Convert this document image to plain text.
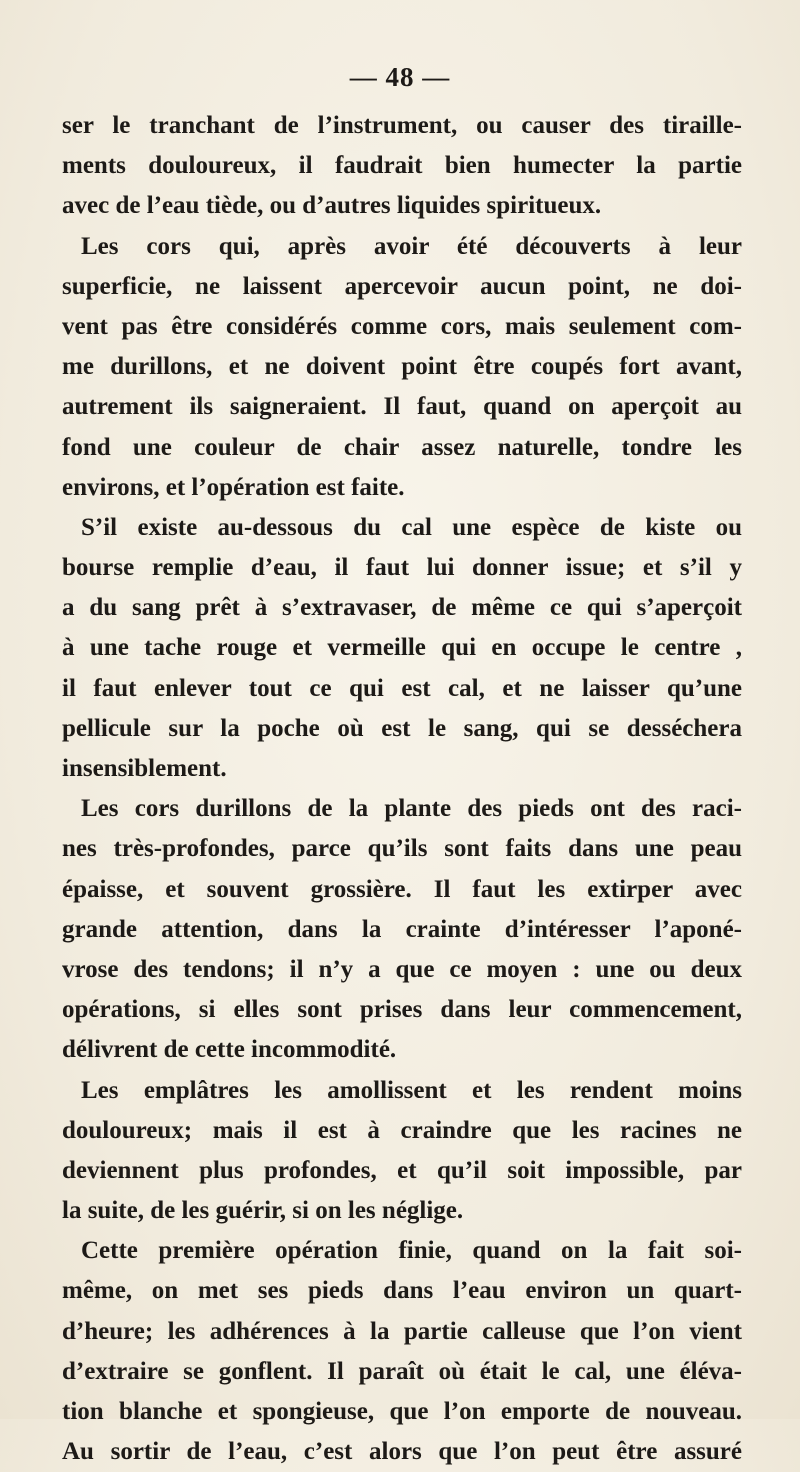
— 48 —
ser le tranchant de l’instrument, ou causer des tiraille-
ments douloureux, il faudrait bien humecter la partie
avec de l’eau tiède, ou d’autres liquides spiritueux.
Les cors qui, après avoir été découverts à leur
superficie, ne laissent apercevoir aucun point, ne doi-
vent pas être considérés comme cors, mais seulement com-
me durillons, et ne doivent point être coupés fort avant,
autrement ils saigneraient. Il faut, quand on aperçoit au
fond une couleur de chair assez naturelle, tondre les
environs, et l’opération est faite.
S’il existe au-dessous du cal une espèce de kiste ou
bourse remplie d’eau, il faut lui donner issue; et s’il y
a du sang prêt à s’extravaser, de même ce qui s’aperçoit
à une tache rouge et vermeille qui en occupe le centre ,
il faut enlever tout ce qui est cal, et ne laisser qu’une
pellicule sur la poche où est le sang, qui se desséchera
insensiblement.
Les cors durillons de la plante des pieds ont des raci-
nes très-profondes, parce qu’ils sont faits dans une peau
épaisse, et souvent grossière. Il faut les extirper avec
grande attention, dans la crainte d’intéresser l’aponé-
vrose des tendons; il n’y a que ce moyen : une ou deux
opérations, si elles sont prises dans leur commencement,
délivrent de cette incommodité.
Les emplâtres les amollissent et les rendent moins
douloureux; mais il est à craindre que les racines ne
deviennent plus profondes, et qu’il soit impossible, par
la suite, de les guérir, si on les néglige.
Cette première opération finie, quand on la fait soi-
même, on met ses pieds dans l’eau environ un quart-
d’heure; les adhérences à la partie calleuse que l’on vient
d’extraire se gonflent. Il paraît où était le cal, une éléva-
tion blanche et spongieuse, que l’on emporte de nouveau.
Au sortir de l’eau, c’est alors que l’on peut être assuré
